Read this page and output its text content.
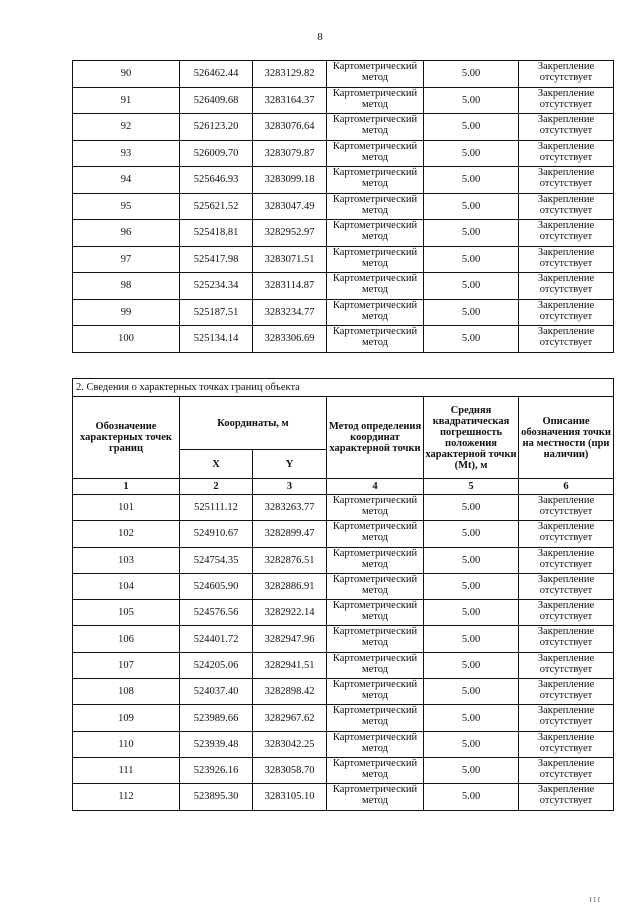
8
90	526462.44	3283129.82	Картометрический метод	5.00	Закрепление отсутствует
91	526409.68	3283164.37	Картометрический метод	5.00	Закрепление отсутствует
92	526123.20	3283076.64	Картометрический метод	5.00	Закрепление отсутствует
93	526009.70	3283079.87	Картометрический метод	5.00	Закрепление отсутствует
94	525646.93	3283099.18	Картометрический метод	5.00	Закрепление отсутствует
95	525621.52	3283047.49	Картометрический метод	5.00	Закрепление отсутствует
96	525418.81	3282952.97	Картометрический метод	5.00	Закрепление отсутствует
97	525417.98	3283071.51	Картометрический метод	5.00	Закрепление отсутствует
98	525234.34	3283114.87	Картометрический метод	5.00	Закрепление отсутствует
99	525187.51	3283234.77	Картометрический метод	5.00	Закрепление отсутствует
100	525134.14	3283306.69	Картометрический метод	5.00	Закрепление отсутствует
2. Сведения о характерных точках границ объекта					
Обозначение характерных точек границ	Координаты, м		Метод определения координат характерной точки	Средняя квадратическая погрешность положения характерной точки (Mt), м	Описание обозначения точки на местности (при наличии)
	X	Y			
1	2	3	4	5	6
101	525111.12	3283263.77	Картометрический метод	5.00	Закрепление отсутствует
102	524910.67	3282899.47	Картометрический метод	5.00	Закрепление отсутствует
103	524754.35	3282876.51	Картометрический метод	5.00	Закрепление отсутствует
104	524605.90	3282886.91	Картометрический метод	5.00	Закрепление отсутствует
105	524576.56	3282922.14	Картометрический метод	5.00	Закрепление отсутствует
106	524401.72	3282947.96	Картометрический метод	5.00	Закрепление отсутствует
107	524205.06	3282941.51	Картометрический метод	5.00	Закрепление отсутствует
108	524037.40	3282898.42	Картометрический метод	5.00	Закрепление отсутствует
109	523989.66	3282967.62	Картометрический метод	5.00	Закрепление отсутствует
110	523939.48	3283042.25	Картометрический метод	5.00	Закрепление отсутствует
111	523926.16	3283058.70	Картометрический метод	5.00	Закрепление отсутствует
112	523895.30	3283105.10	Картометрический метод	5.00	Закрепление отсутствует
I I I
